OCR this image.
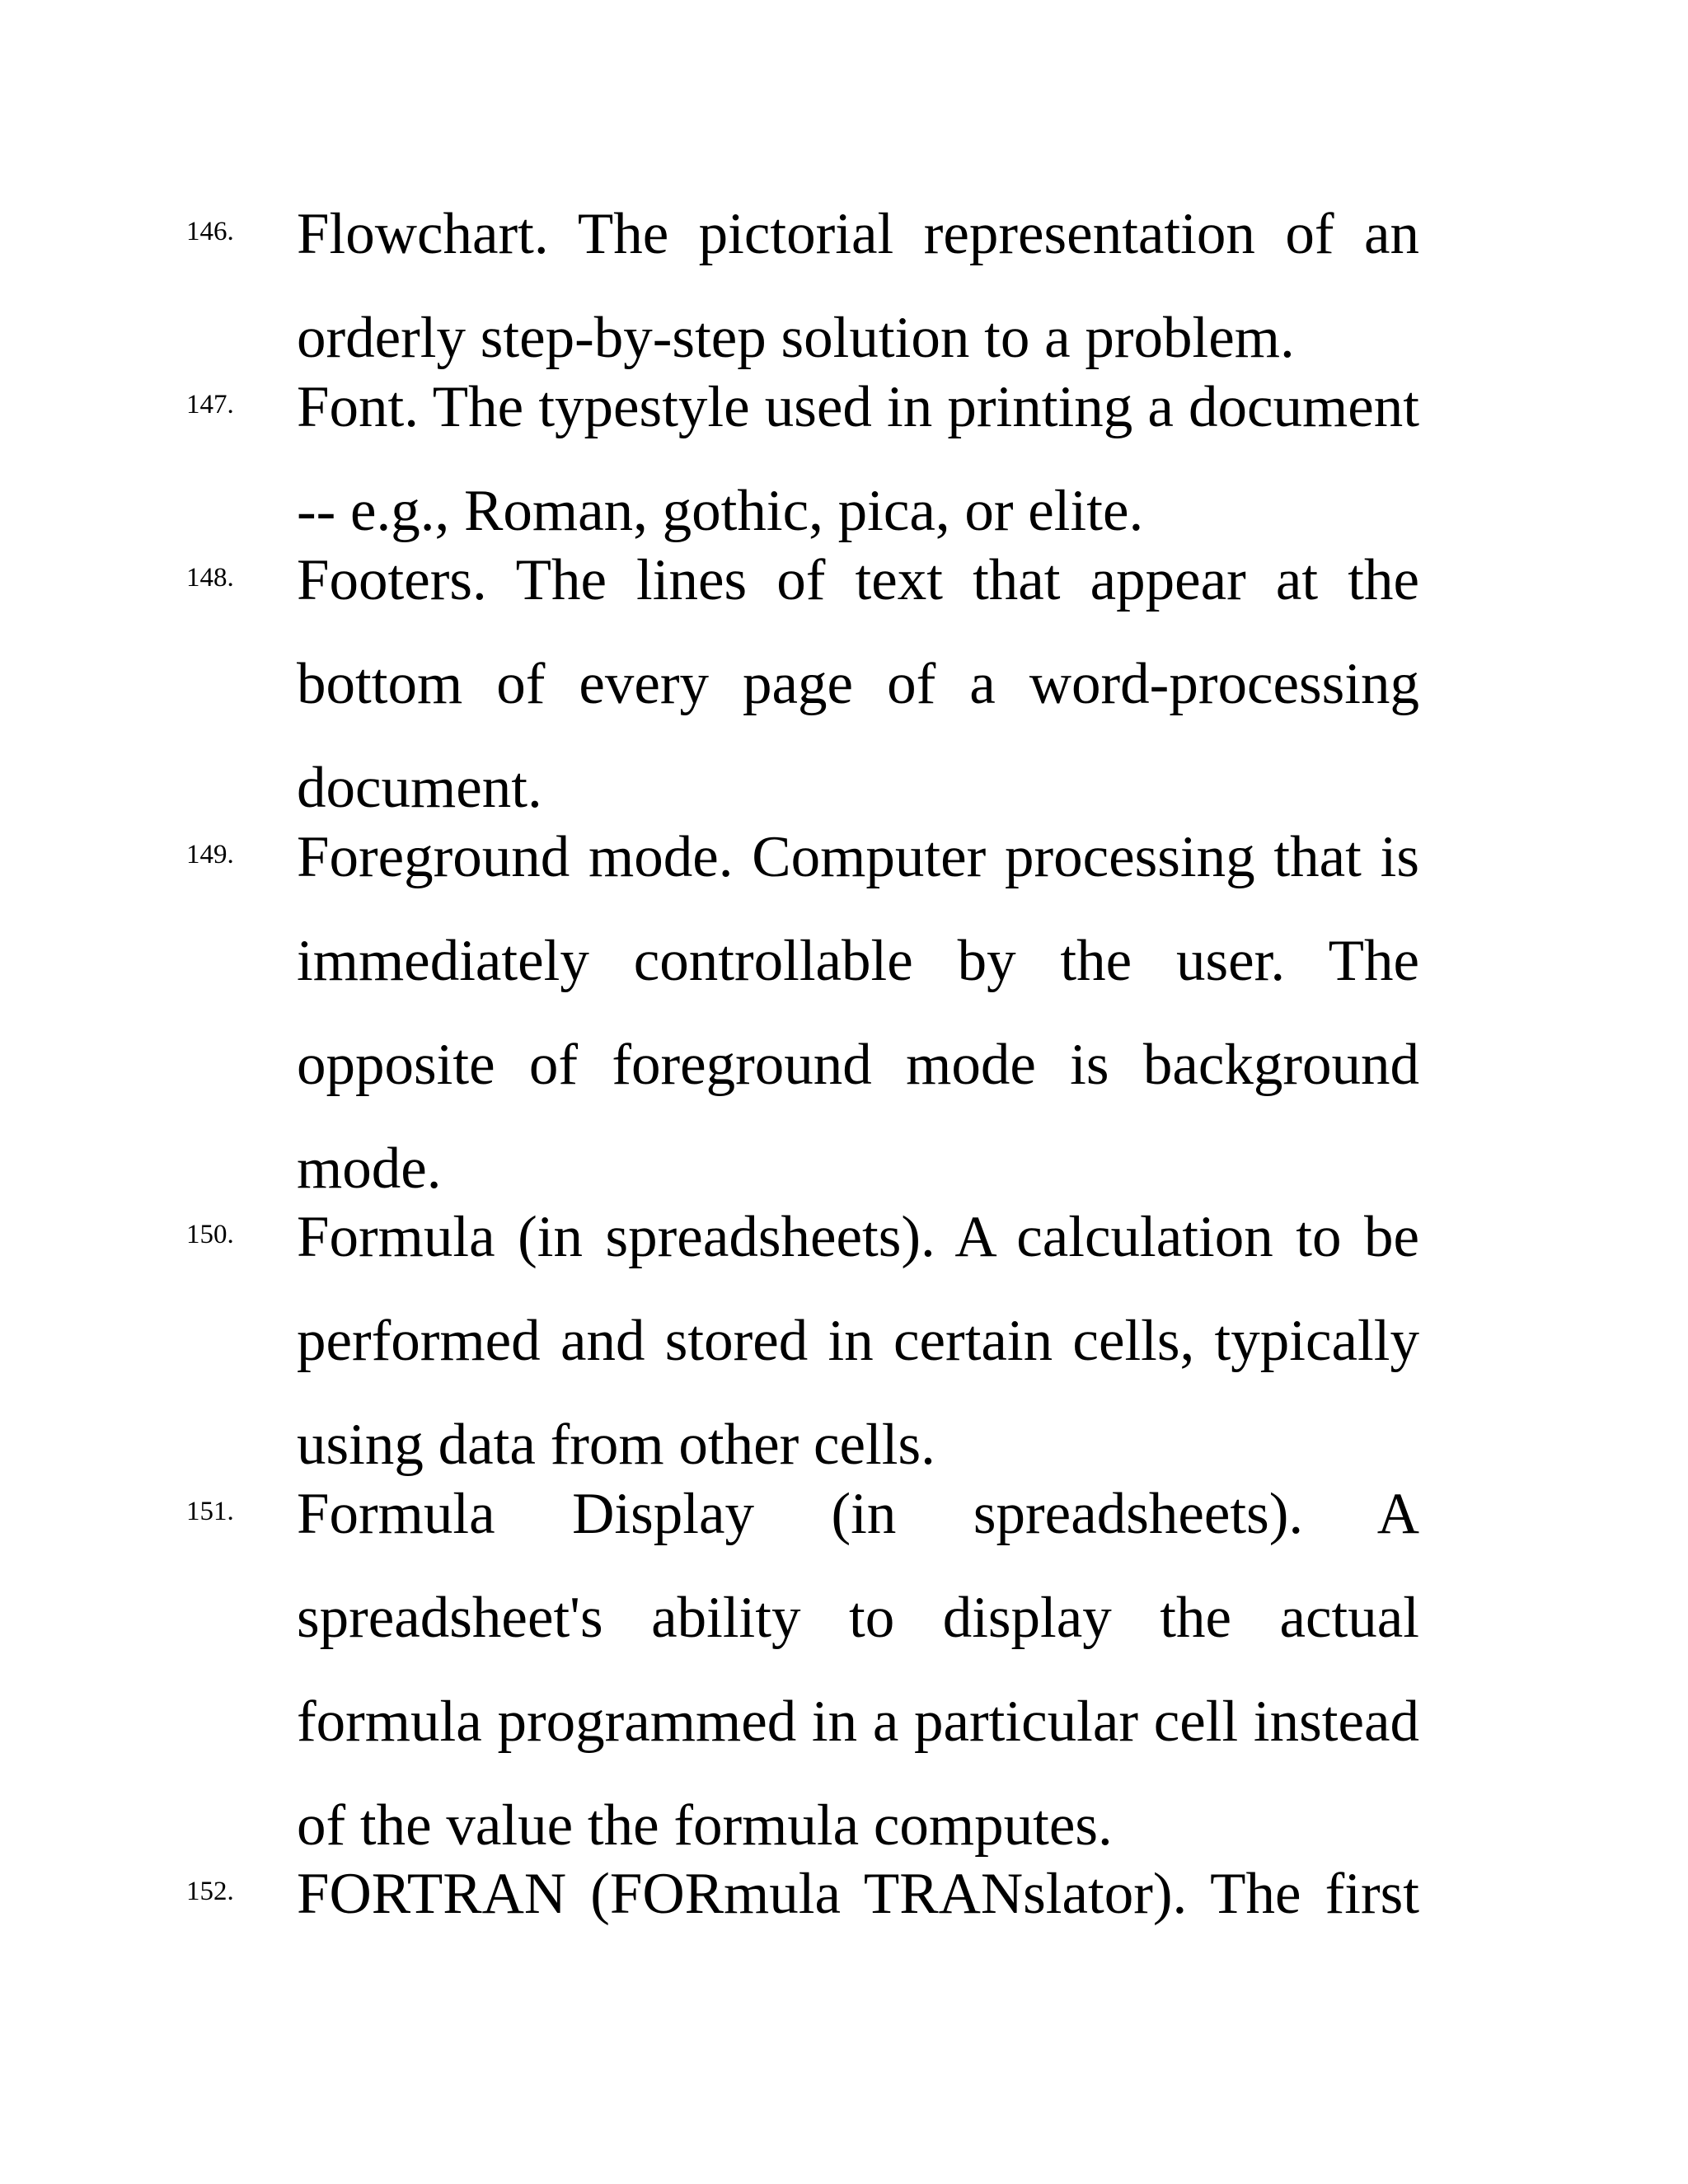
146. Flowchart. The pictorial representation of an orderly step-by-step solution to a problem.
147. Font. The typestyle used in printing a document -- e.g., Roman, gothic, pica, or elite.
148. Footers. The lines of text that appear at the bottom of every page of a word-processing document.
149. Foreground mode. Computer processing that is immediately controllable by the user. The opposite of foreground mode is background mode.
150. Formula (in spreadsheets). A calculation to be performed and stored in certain cells, typically using data from other cells.
151. Formula Display (in spreadsheets). A spreadsheet's ability to display the actual formula programmed in a particular cell instead of the value the formula computes.
152. FORTRAN (FORmula TRANslator). The first
